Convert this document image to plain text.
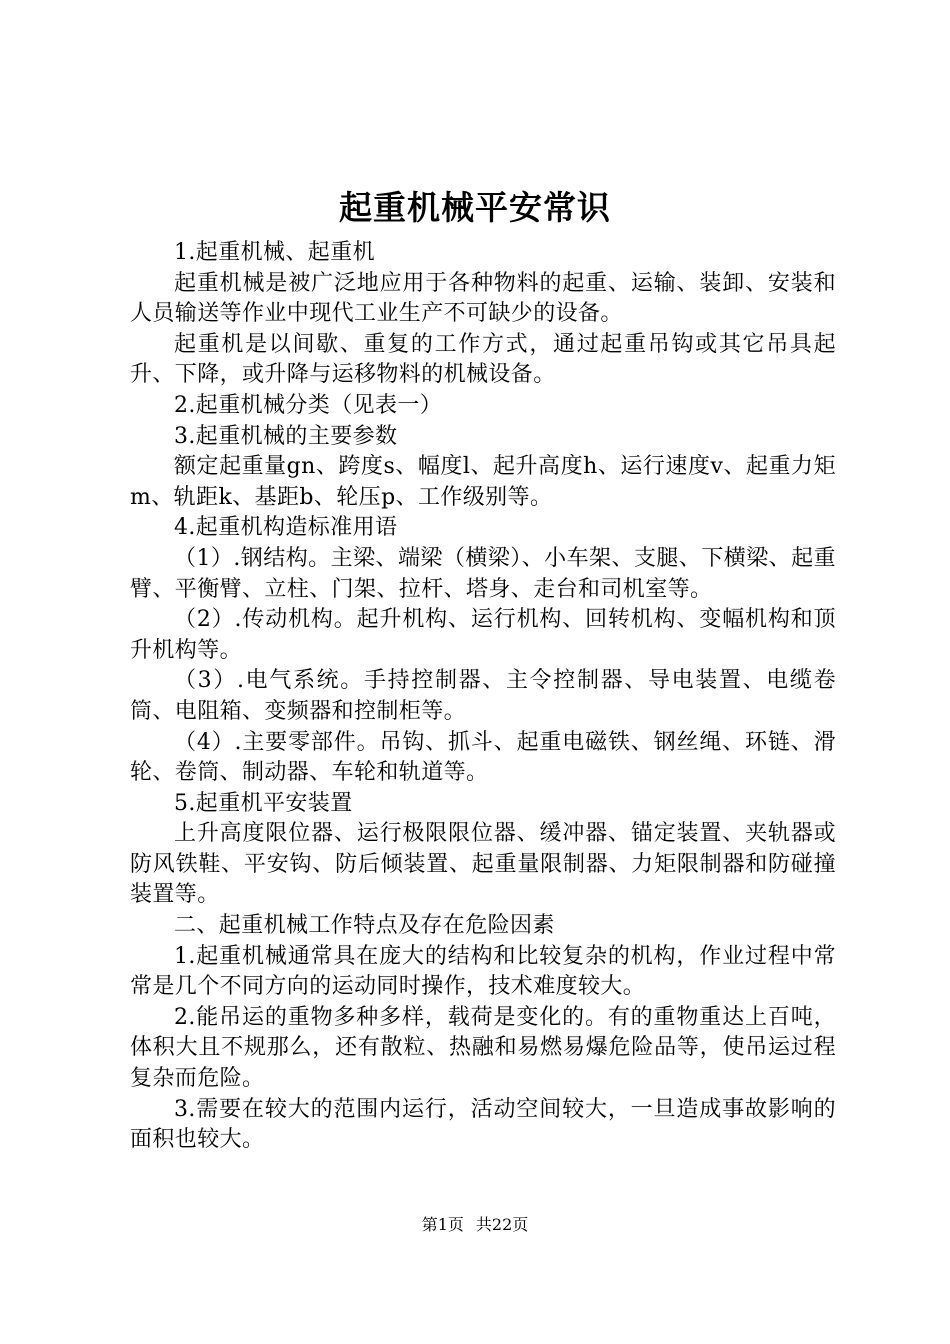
起重机械平安常识

1.起重机械、起重机

起重机械是被广泛地应用于各种物料的起重、运输、装卸、安装和人员输送等作业中现代工业生产不可缺少的设备。

起重机是以间歇、重复的工作方式，通过起重吊钩或其它吊具起升、下降，或升降与运移物料的机械设备。

2.起重机械分类（见表一）

3.起重机械的主要参数

额定起重量gn、跨度s、幅度l、起升高度h、运行速度v、起重力矩m、轨距k、基距b、轮压p、工作级别等。

4.起重机构造标准用语

（1）.钢结构。主梁、端梁（横梁）、小车架、支腿、下横梁、起重臂、平衡臂、立柱、门架、拉杆、塔身、走台和司机室等。

（2）.传动机构。起升机构、运行机构、回转机构、变幅机构和顶升机构等。

（3）.电气系统。手持控制器、主令控制器、导电装置、电缆卷筒、电阻箱、变频器和控制柜等。

（4）.主要零部件。吊钩、抓斗、起重电磁铁、钢丝绳、环链、滑轮、卷筒、制动器、车轮和轨道等。

5.起重机平安装置

上升高度限位器、运行极限限位器、缓冲器、锚定装置、夹轨器或防风铁鞋、平安钩、防后倾装置、起重量限制器、力矩限制器和防碰撞装置等。

二、起重机械工作特点及存在危险因素

1.起重机械通常具在庞大的结构和比较复杂的机构，作业过程中常常是几个不同方向的运动同时操作，技术难度较大。

2.能吊运的重物多种多样，载荷是变化的。有的重物重达上百吨，体积大且不规那么，还有散粒、热融和易燃易爆危险品等，使吊运过程复杂而危险。

3.需要在较大的范围内运行，活动空间较大，一旦造成事故影响的面积也较大。

第1页 共22页
